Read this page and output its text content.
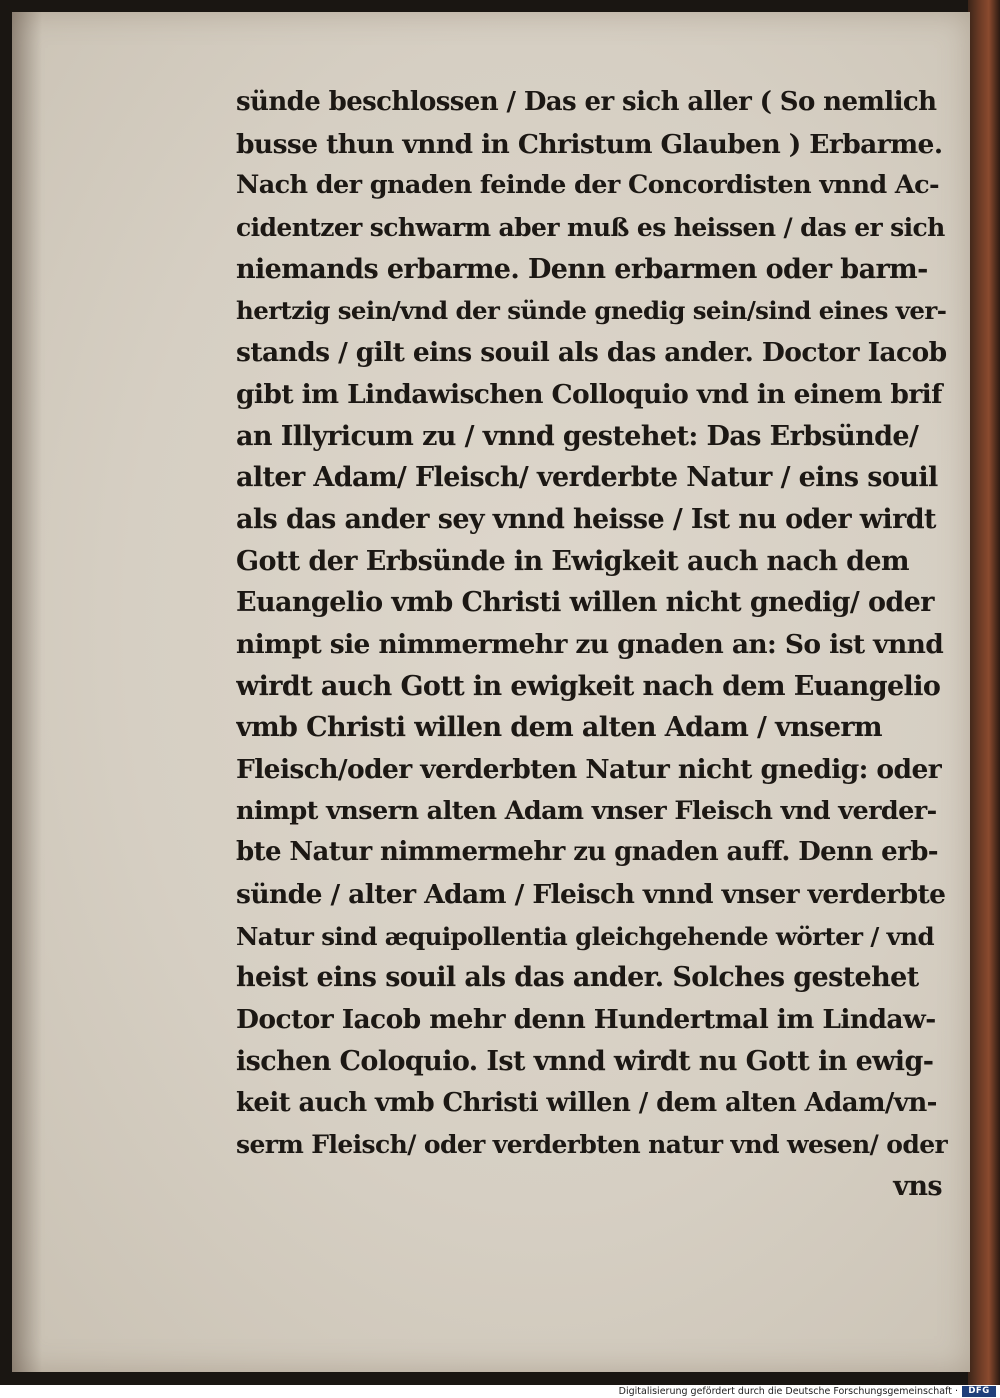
sünde beschlossen / Das er sich aller ( So nemlich
busse thun vnnd in Christum Glauben ) Erbarme.
Nach der gnaden feinde der Concordisten vnnd Ac-
cidentzer schwarm aber muß es heissen / das er sich
niemands erbarme. Denn erbarmen oder barm-
hertzig sein/vnd der sünde gnedig sein/sind eines ver-
stands / gilt eins souil als das ander. Doctor Iacob
gibt im Lindawischen Colloquio vnd in einem brif
an Illyricum zu / vnnd gestehet: Das Erbsünde/
alter Adam/ Fleisch/ verderbte Natur / eins souil
als das ander sey vnnd heisse / Ist nu oder wirdt
Gott der Erbsünde in Ewigkeit auch nach dem
Euangelio vmb Christi willen nicht gnedig/ oder
nimpt sie nimmermehr zu gnaden an: So ist vnnd
wirdt auch Gott in ewigkeit nach dem Euangelio
vmb Christi willen dem alten Adam / vnserm
Fleisch/oder verderbten Natur nicht gnedig: oder
nimpt vnsern alten Adam vnser Fleisch vnd verder-
bte Natur nimmermehr zu gnaden auff. Denn erb-
sünde / alter Adam / Fleisch vnnd vnser verderbte
Natur sind æquipollentia gleichgehende wörter / vnd
heist eins souil als das ander. Solches gestehet
Doctor Iacob mehr denn Hundertmal im Lindaw-
ischen Coloquio. Ist vnnd wirdt nu Gott in ewig-
keit auch vmb Christi willen / dem alten Adam/vn-
serm Fleisch/ oder verderbten natur vnd wesen/ oder
vns
Digitalisierung gefördert durch die Deutsche Forschungsgemeinschaft ·	DFG
